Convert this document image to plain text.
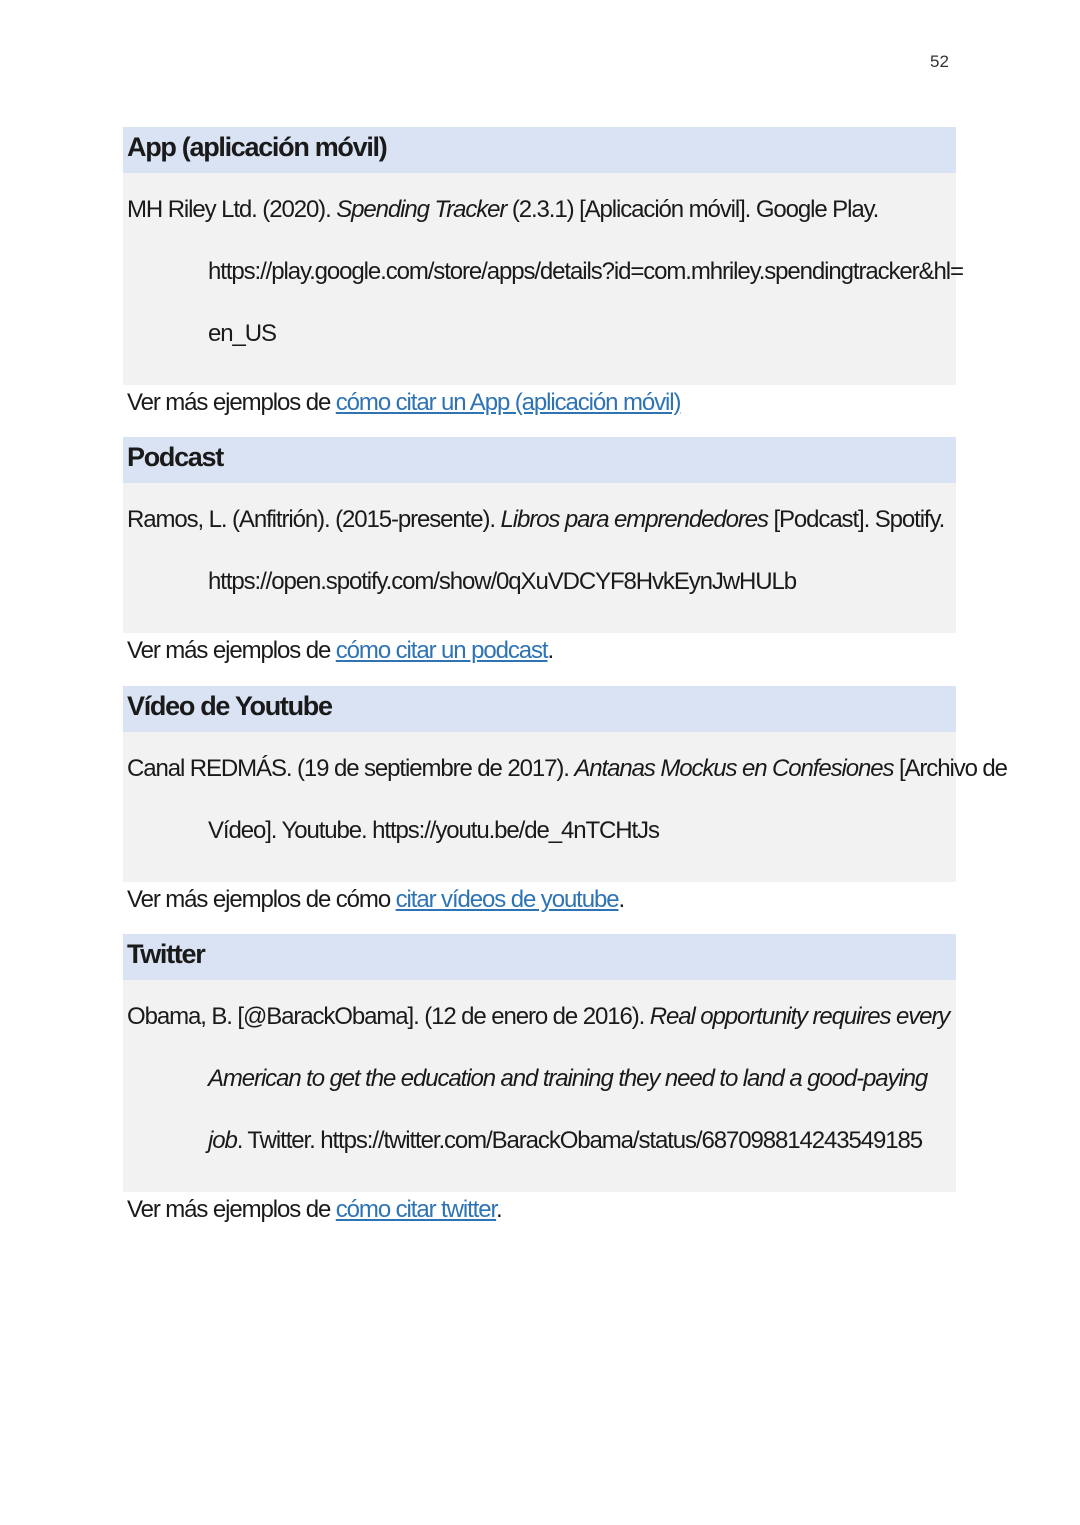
52
App (aplicación móvil)
MH Riley Ltd. (2020). Spending Tracker (2.3.1) [Aplicación móvil]. Google Play.
https://play.google.com/store/apps/details?id=com.mhriley.spendingtracker&hl=
en_US
Ver más ejemplos de cómo citar un App (aplicación móvil)
Podcast
Ramos, L. (Anfitrión). (2015-presente). Libros para emprendedores [Podcast]. Spotify.
https://open.spotify.com/show/0qXuVDCYF8HvkEynJwHULb
Ver más ejemplos de cómo citar un podcast.
Vídeo de Youtube
Canal REDMÁS. (19 de septiembre de 2017). Antanas Mockus en Confesiones [Archivo de
Vídeo]. Youtube. https://youtu.be/de_4nTCHtJs
Ver más ejemplos de cómo citar vídeos de youtube.
Twitter
Obama, B. [@BarackObama]. (12 de enero de 2016). Real opportunity requires every
American to get the education and training they need to land a good-paying
job. Twitter. https://twitter.com/BarackObama/status/687098814243549185
Ver más ejemplos de cómo citar twitter.
